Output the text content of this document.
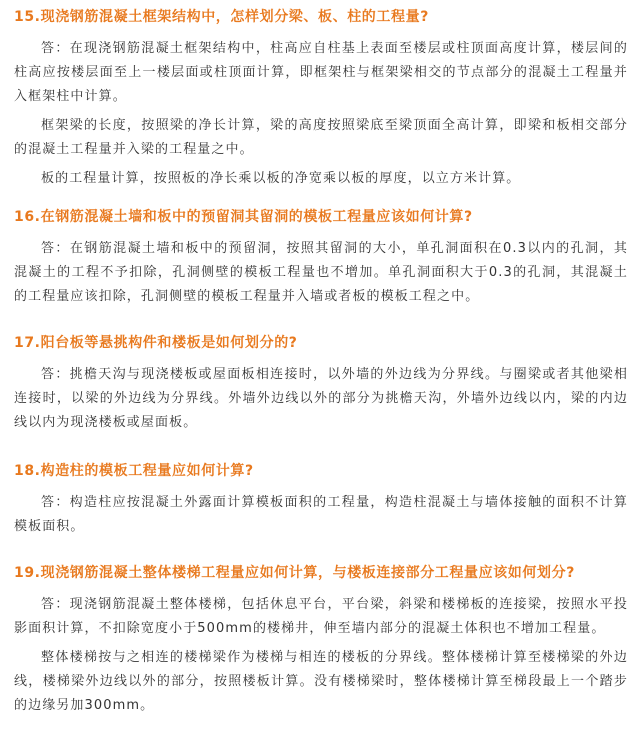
15.现浇钢筋混凝土框架结构中，怎样划分梁、板、柱的工程量?

答：在现浇钢筋混凝土框架结构中，柱高应自柱基上表面至楼层或柱顶面高度计算，楼层间的柱高应按楼层面至上一楼层面或柱顶面计算，即框架柱与框架梁相交的节点部分的混凝土工程量并入框架柱中计算。

框架梁的长度，按照梁的净长计算，梁的高度按照梁底至梁顶面全高计算，即梁和板相交部分的混凝土工程量并入梁的工程量之中。

板的工程量计算，按照板的净长乘以板的净宽乘以板的厚度，以立方米计算。

16.在钢筋混凝土墙和板中的预留洞其留洞的模板工程量应该如何计算?

答：在钢筋混凝土墙和板中的预留洞，按照其留洞的大小，单孔洞面积在0.3以内的孔洞，其混凝土的工程不予扣除，孔洞侧壁的模板工程量也不增加。单孔洞面积大于0.3的孔洞，其混凝土的工程量应该扣除，孔洞侧壁的模板工程量并入墙或者板的模板工程之中。

17.阳台板等悬挑构件和楼板是如何划分的?

答：挑檐天沟与现浇楼板或屋面板相连接时，以外墙的外边线为分界线。与圈梁或者其他梁相连接时，以梁的外边线为分界线。外墙外边线以外的部分为挑檐天沟，外墙外边线以内，梁的内边线以内为现浇楼板或屋面板。

18.构造柱的模板工程量应如何计算?

答：构造柱应按混凝土外露面计算模板面积的工程量，构造柱混凝土与墙体接触的面积不计算模板面积。

19.现浇钢筋混凝土整体楼梯工程量应如何计算，与楼板连接部分工程量应该如何划分?

答：现浇钢筋混凝土整体楼梯，包括休息平台，平台梁，斜梁和楼梯板的连接梁，按照水平投影面积计算，不扣除宽度小于500mm的楼梯井，伸至墙内部分的混凝土体积也不增加工程量。

整体楼梯按与之相连的楼梯梁作为楼梯与相连的楼板的分界线。整体楼梯计算至楼梯梁的外边线，楼梯梁外边线以外的部分，按照楼板计算。没有楼梯梁时，整体楼梯计算至梯段最上一个踏步的边缘另加300mm。
